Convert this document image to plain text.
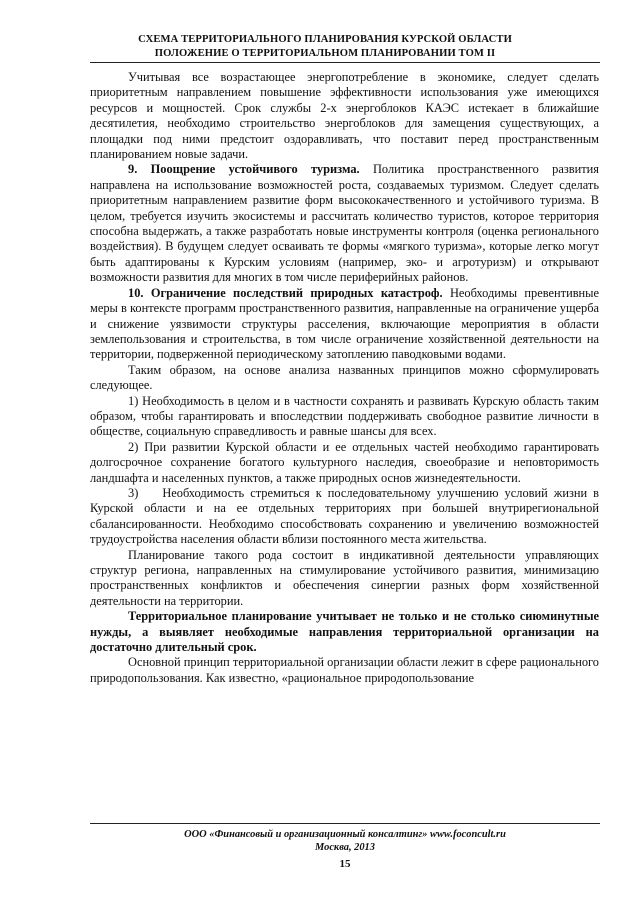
СХЕМА ТЕРРИТОРИАЛЬНОГО ПЛАНИРОВАНИЯ КУРСКОЙ ОБЛАСТИ
ПОЛОЖЕНИЕ О ТЕРРИТОРИАЛЬНОМ ПЛАНИРОВАНИИ ТОМ II

Учитывая все возрастающее энергопотребление в экономике, следует сделать приоритетным направлением повышение эффективности использования уже имеющихся ресурсов и мощностей. Срок службы 2-х энергоблоков КАЭС истекает в ближайшие десятилетия, необходимо строительство энергоблоков для замещения существующих, а площадки под ними предстоит оздоравливать, что поставит перед пространственным планированием новые задачи.

9. Поощрение устойчивого туризма. Политика пространственного развития направлена на использование возможностей роста, создаваемых туризмом. Следует сделать приоритетным направлением развитие форм высококачественного и устойчивого туризма. В целом, требуется изучить экосистемы и рассчитать количество туристов, которое территория способна выдержать, а также разработать новые инструменты контроля (оценка регионального воздействия). В будущем следует осваивать те формы «мягкого туризма», которые легко могут быть адаптированы к Курским условиям (например, эко- и агротуризм) и открывают возможности развития для многих в том числе периферийных районов.

10. Ограничение последствий природных катастроф. Необходимы превентивные меры в контексте программ пространственного развития, направленные на ограничение ущерба и снижение уязвимости структуры расселения, включающие мероприятия в области землепользования и строительства, в том числе ограничение хозяйственной деятельности на территории, подверженной периодическому затоплению паводковыми водами.

Таким образом, на основе анализа названных принципов можно сформулировать следующее.

1) Необходимость в целом и в частности сохранять и развивать Курскую область таким образом, чтобы гарантировать и впоследствии поддерживать свободное развитие личности в обществе, социальную справедливость и равные шансы для всех.

2) При развитии Курской области и ее отдельных частей необходимо гарантировать долгосрочное сохранение богатого культурного наследия, своеобразие и неповторимость ландшафта и населенных пунктов, а также природных основ жизнедеятельности.

3) Необходимость стремиться к последовательному улучшению условий жизни в Курской области и на ее отдельных территориях при большей внутрирегиональной сбалансированности. Необходимо способствовать сохранению и увеличению возможностей трудоустройства населения области вблизи постоянного места жительства.

Планирование такого рода состоит в индикативной деятельности управляющих структур региона, направленных на стимулирование устойчивого развития, минимизацию пространственных конфликтов и обеспечения синергии разных форм хозяйственной деятельности на территории.

Территориальное планирование учитывает не только и не столько сиюминутные нужды, а выявляет необходимые направления территориальной организации на достаточно длительный срок.

Основной принцип территориальной организации области лежит в сфере рационального природопользования. Как известно, «рациональное природопользование

ООО «Финансовый и организационный консалтинг» www.foconcult.ru
Москва, 2013
15
